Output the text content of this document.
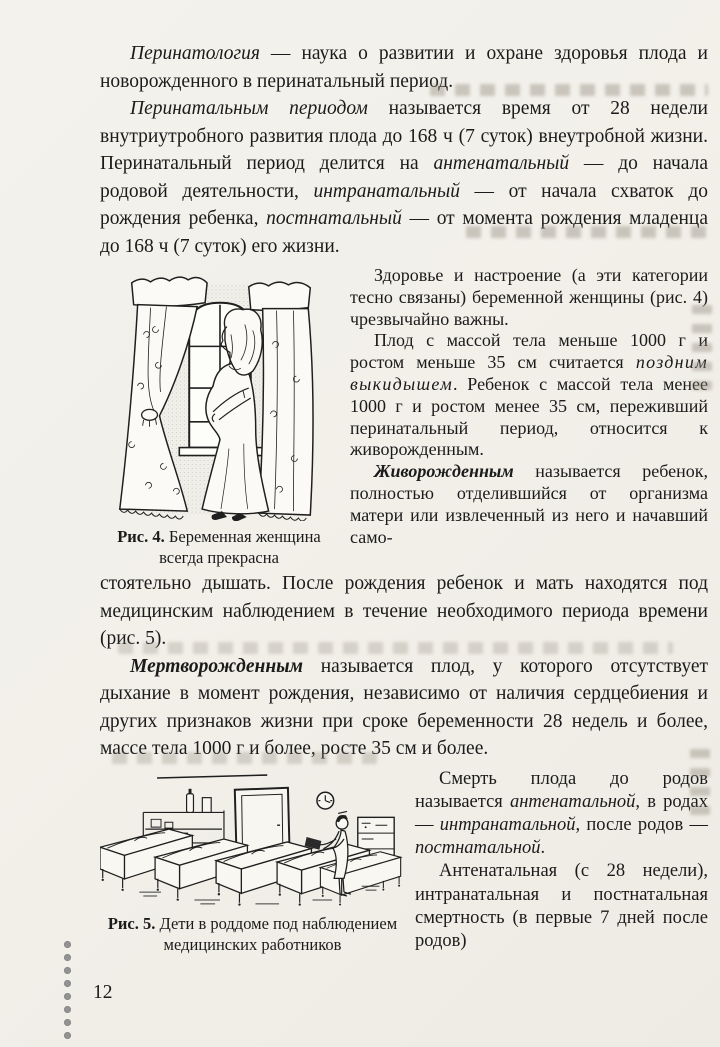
Перинатология — наука о развитии и охране здоровья плода и новорожденного в перинатальный период.

Перинатальным периодом называется время от 28 недели внутриутробного развития плода до 168 ч (7 суток) внеутробной жизни. Перинатальный период делится на антенатальный — до начала родовой деятельности, интранатальный — от начала схваток до рождения ребенка, постнатальный — от момента рождения младенца до 168 ч (7 суток) его жизни.

Рис. 4. Беременная женщина всегда прекрасна

Здоровье и настроение (а эти категории тесно связаны) беременной женщины (рис. 4) чрезвычайно важны.

Плод с массой тела меньше 1000 г и ростом меньше 35 см считается поздним выкидышем. Ребенок с массой тела менее 1000 г и ростом менее 35 см, переживший перинатальный период, относится к живорожденным.

Живорожденным называется ребенок, полностью отделившийся от организма матери или извлеченный из него и начавший само-

стоятельно дышать. После рождения ребенок и мать находятся под медицинским наблюдением в течение необходимого периода времени (рис. 5).

Мертворожденным называется плод, у которого отсутствует дыхание в момент рождения, независимо от наличия сердцебиения и других признаков жизни при сроке беременности 28 недель и более, массе тела 1000 г и более, росте 35 см и более.

Рис. 5. Дети в роддоме под наблюдением медицинских работников

Смерть плода до родов называется антенатальной, в родах — интранатальной, после родов — постнатальной.

Антенатальная (с 28 недели), интранатальная и постнатальная смертность (в первые 7 дней после родов)

12
